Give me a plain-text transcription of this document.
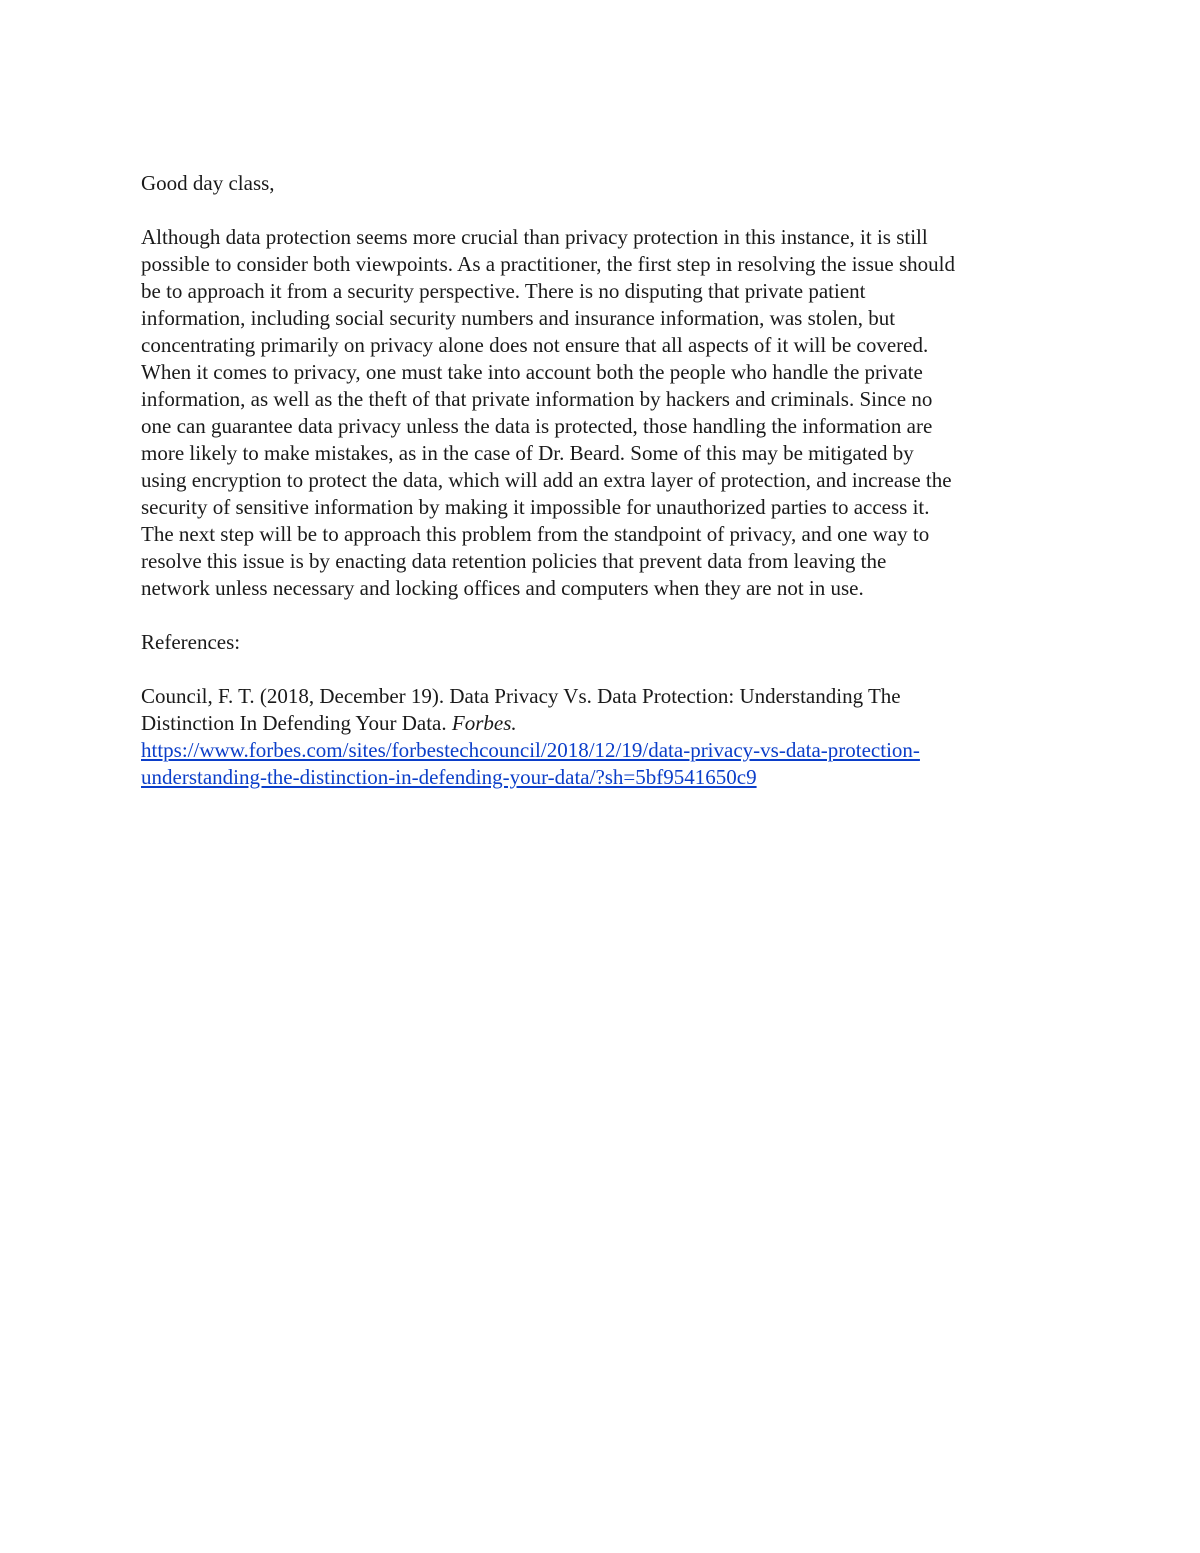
Good day class,
Although data protection seems more crucial than privacy protection in this instance, it is still
possible to consider both viewpoints. As a practitioner, the first step in resolving the issue should
be to approach it from a security perspective. There is no disputing that private patient
information, including social security numbers and insurance information, was stolen, but
concentrating primarily on privacy alone does not ensure that all aspects of it will be covered.
When it comes to privacy, one must take into account both the people who handle the private
information, as well as the theft of that private information by hackers and criminals. Since no
one can guarantee data privacy unless the data is protected, those handling the information are
more likely to make mistakes, as in the case of Dr. Beard. Some of this may be mitigated by
using encryption to protect the data, which will add an extra layer of protection, and increase the
security of sensitive information by making it impossible for unauthorized parties to access it.
The next step will be to approach this problem from the standpoint of privacy, and one way to
resolve this issue is by enacting data retention policies that prevent data from leaving the
network unless necessary and locking offices and computers when they are not in use.
References:
Council, F. T. (2018, December 19). Data Privacy Vs. Data Protection: Understanding The
Distinction In Defending Your Data. Forbes.
https://www.forbes.com/sites/forbestechcouncil/2018/12/19/data-privacy-vs-data-protection-
understanding-the-distinction-in-defending-your-data/?sh=5bf9541650c9
